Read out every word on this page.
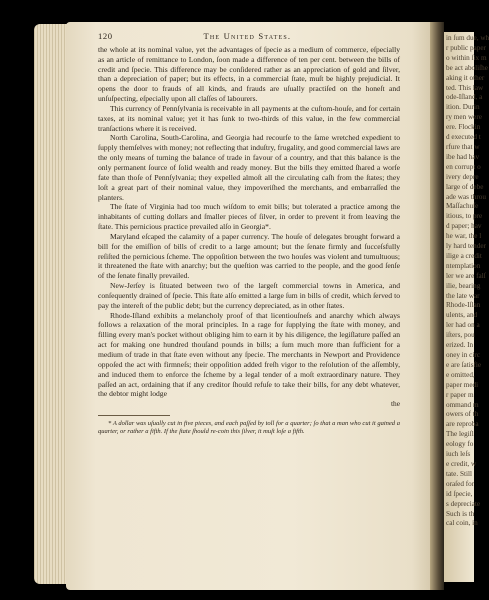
in ſum due, wh
r public paper
o within ſix m
be act aboliſhe
aking it other
ted. This law
ode-Iſland, a
ition. Durin
ry men were
ere. Flockin
d executed t
rfure that w
ibe had hav
en corrupt o
ivery depre
large of debe
ade was throu
Maſſachuſe
itious, to pre
d paper; hav
he war, the l
ly hard tender
ilige a credit
ntemplation
ler we are falſ
ilie, bearing
the late war
Rhode-Iſlan
ulents, and
ler had on a
iſters, pou
erized. In
oney in circ
e are ſatisfie
e omitted,
paper medi
r paper m
ommand m
owers of th
are reproba
The legiſl
eology fo
iuch leſs
e credit, w
tate. Still
oraſed for
id ſpecie,
s depreciate
Such is th
cal coin, in
120	The United States.

the whole at its nominal value, yet the advantages of ſpecie as a medium of commerce, eſpecially as an article of remittance to London, ſoon made a difference of ten per cent. between the bills of credit and ſpecie. This difference may be conſidered rather as an appreciation of gold and ſilver, than a depreciation of paper; but its effects, in a commercial ſtate, muſt be highly prejudicial. It opens the door to frauds of all kinds, and frauds are uſually practiſed on the honeſt and unſuſpecting, eſpecially upon all claſſes of labourers.

This currency of Pennſylvania is receivable in all payments at the cuſtom-houſe, and for certain taxes, at its nominal value; yet it has ſunk to two-thirds of this value, in the few commercial tranſactions where it is received.

North Carolina, South-Carolina, and Georgia had recourſe to the ſame wretched expedient to ſupply themſelves with money; not reflecting that induſtry, frugality, and good commercial laws are the only means of turning the balance of trade in favour of a country, and that this balance is the only permanent ſource of ſolid wealth and ready money. But the bills they emitted ſhared a worſe fate than thoſe of Pennſylvania; they expelled almoſt all the circulating caſh from the ſtates; they loſt a great part of their nominal value, they impoveriſhed the merchants, and embarraſſed the planters.

The ſtate of Virginia had too much wiſdom to emit bills; but tolerated a practice among the inhabitants of cutting dollars and ſmaller pieces of ſilver, in order to prevent it from leaving the ſtate. This pernicious practice prevailed alſo in Georgia*.

Maryland eſcaped the calamity of a paper currency. The houſe of delegates brought forward a bill for the emiſſion of bills of credit to a large amount; but the ſenate firmly and ſucceſsfully reſiſted the pernicious ſcheme. The oppoſition between the two houſes was violent and tumultuous; it threatened the ſtate with anarchy; but the queſtion was carried to the people, and the good ſenſe of the ſenate finally prevailed.

New-Jerſey is ſituated between two of the largeſt commercial towns in America, and conſequently drained of ſpecie. This ſtate alſo emitted a large ſum in bills of credit, which ſerved to pay the intereſt of the public debt; but the currency depreciated, as in other ſtates.

Rhode-Iſland exhibits a melancholy proof of that licentiouſneſs and anarchy which always follows a relaxation of the moral principles. In a rage for ſupplying the ſtate with money, and filling every man's pocket without obliging him to earn it by his diligence, the legiſlature paſſed an act for making one hundred thouſand pounds in bills; a ſum much more than ſufficient for a medium of trade in that ſtate even without any ſpecie. The merchants in Newport and Providence oppoſed the act with firmneſs; their oppoſition added freſh vigor to the reſolution of the aſſembly, and induced them to enforce the ſcheme by a legal tender of a moſt extraordinary nature. They paſſed an act, ordaining that if any creditor ſhould refuſe to take their bills, for any debt whatever, the debtor might lodge

the

* A dollar was uſually cut in five pieces, and each paſſed by toll for a quarter; ſo that a man who cut it gained a quarter, or rather a fifth. If the ſtate ſhould re-coin this ſilver, it muſt loſe a fifth.
